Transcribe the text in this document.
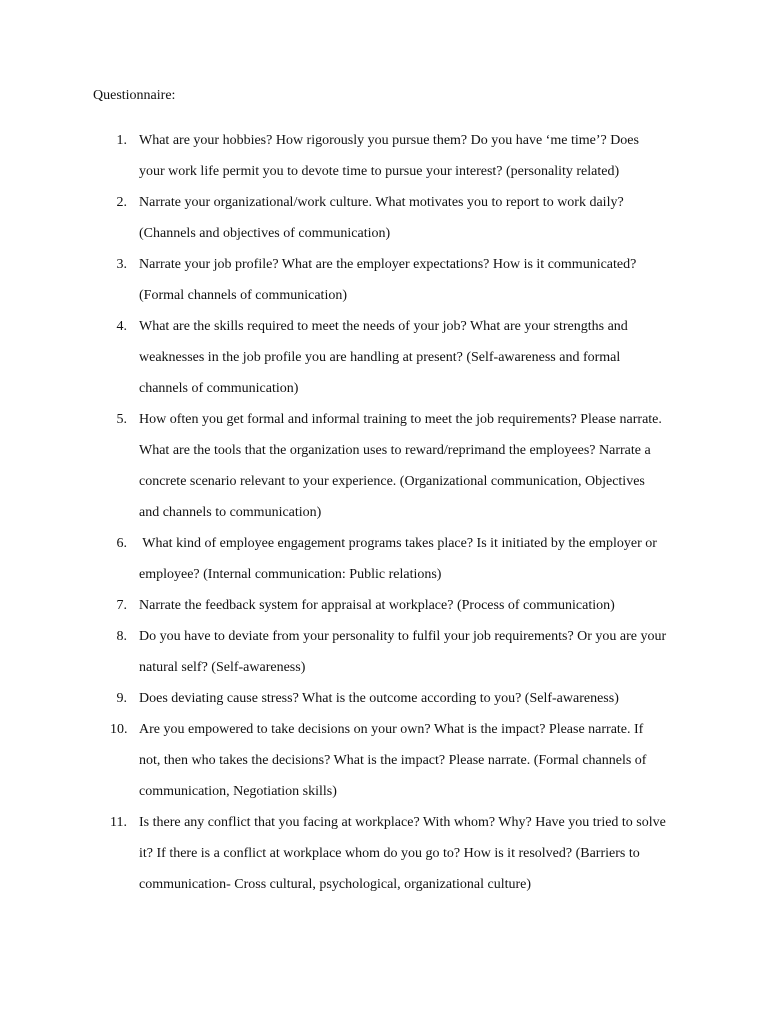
Questionnaire:
1. What are your hobbies? How rigorously you pursue them? Do you have ‘me time’? Does
your work life permit you to devote time to pursue your interest? (personality related)
2. Narrate your organizational/work culture. What motivates you to report to work daily?
(Channels and objectives of communication)
3. Narrate your job profile? What are the employer expectations? How is it communicated?
(Formal channels of communication)
4. What are the skills required to meet the needs of your job? What are your strengths and
weaknesses in the job profile you are handling at present? (Self-awareness and formal
channels of communication)
5. How often you get formal and informal training to meet the job requirements? Please narrate.
What are the tools that the organization uses to reward/reprimand the employees? Narrate a
concrete scenario relevant to your experience. (Organizational communication, Objectives
and channels to communication)
6. What kind of employee engagement programs takes place? Is it initiated by the employer or
employee? (Internal communication: Public relations)
7. Narrate the feedback system for appraisal at workplace? (Process of communication)
8. Do you have to deviate from your personality to fulfil your job requirements? Or you are your
natural self? (Self-awareness)
9. Does deviating cause stress? What is the outcome according to you? (Self-awareness)
10. Are you empowered to take decisions on your own? What is the impact? Please narrate. If
not, then who takes the decisions? What is the impact? Please narrate. (Formal channels of
communication, Negotiation skills)
11. Is there any conflict that you facing at workplace? With whom? Why? Have you tried to solve
it? If there is a conflict at workplace whom do you go to? How is it resolved? (Barriers to
communication- Cross cultural, psychological, organizational culture)
